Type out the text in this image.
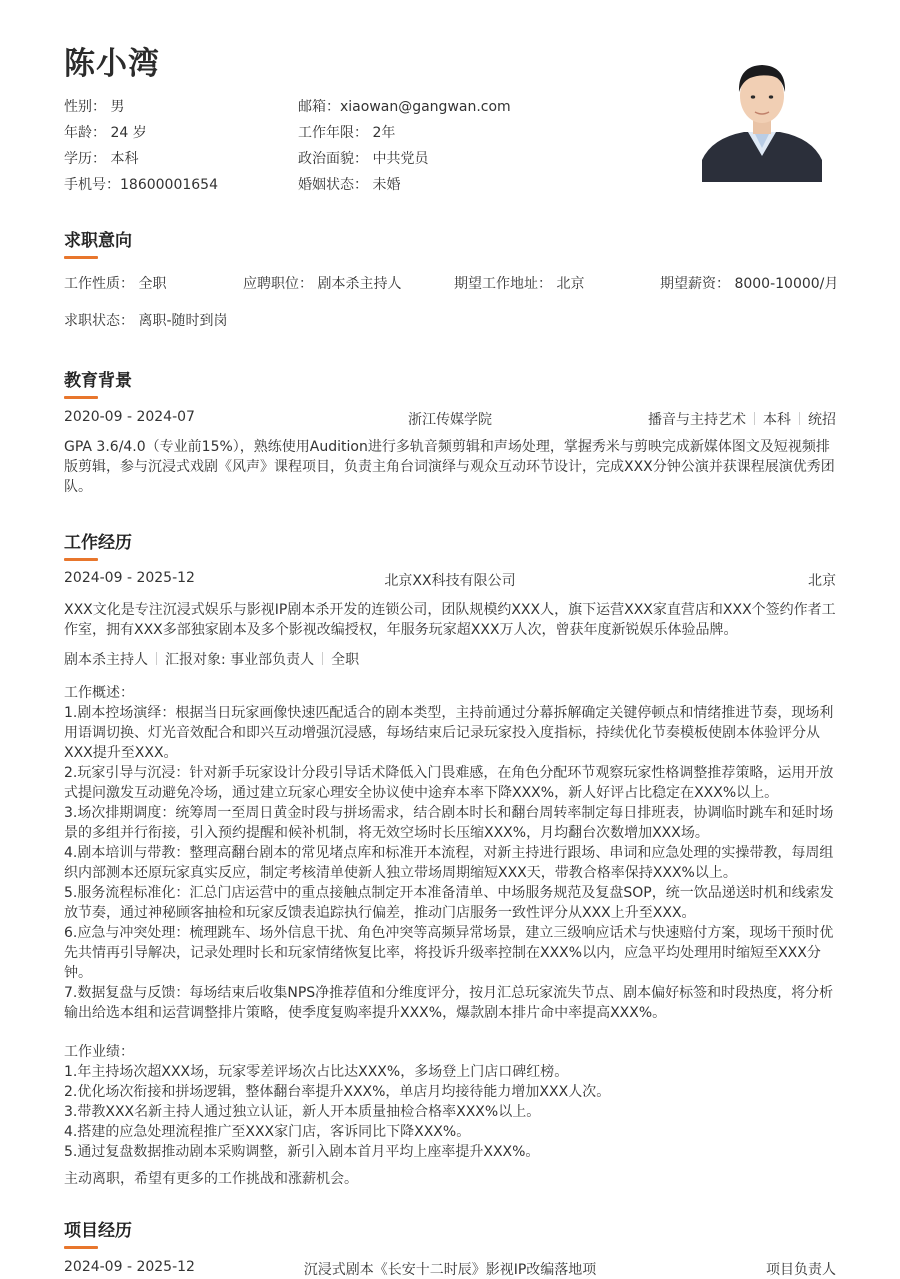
陈小湾
性别： 男
年龄： 24 岁
学历： 本科
手机号：18600001654
邮箱：xiaowan@gangwan.com
工作年限： 2年
政治面貌： 中共党员
婚姻状态： 未婚
求职意向
工作性质： 全职	应聘职位： 剧本杀主持人	期望工作地址： 北京	期望薪资： 8000-10000/月
求职状态： 离职-随时到岗
教育背景
2020-09 - 2024-07	浙江传媒学院	播音与主持艺术 本科 统招

GPA 3.6/4.0（专业前15%），熟练使用Audition进行多轨音频剪辑和声场处理，掌握秀米与剪映完成新媒体图文及短视频排

版剪辑，参与沉浸式戏剧《风声》课程项目，负责主角台词演绎与观众互动环节设计，完成XXX分钟公演并获课程展演优秀团

队。

工作经历
2024-09 - 2025-12	北京XX科技有限公司	北京

XXX文化是专注沉浸式娱乐与影视IP剧本杀开发的连锁公司，团队规模约XXX人，旗下运营XXX家直营店和XXX个签约作者工

作室，拥有XXX多部独家剧本及多个影视改编授权，年服务玩家超XXX万人次，曾获年度新锐娱乐体验品牌。

剧本杀主持人 汇报对象: 事业部负责人 全职

工作概述：

1.剧本控场演绎：根据当日玩家画像快速匹配适合的剧本类型，主持前通过分幕拆解确定关键停顿点和情绪推进节奏，现场利

用语调切换、灯光音效配合和即兴互动增强沉浸感，每场结束后记录玩家投入度指标，持续优化节奏模板使剧本体验评分从

XXX提升至XXX。

2.玩家引导与沉浸：针对新手玩家设计分段引导话术降低入门畏难感，在角色分配环节观察玩家性格调整推荐策略，运用开放

式提问激发互动避免冷场，通过建立玩家心理安全协议使中途弃本率下降XXX%，新人好评占比稳定在XXX%以上。

3.场次排期调度：统筹周一至周日黄金时段与拼场需求，结合剧本时长和翻台周转率制定每日排班表，协调临时跳车和延时场

景的多组并行衔接，引入预约提醒和候补机制，将无效空场时长压缩XXX%，月均翻台次数增加XXX场。

4.剧本培训与带教：整理高翻台剧本的常见堵点库和标准开本流程，对新主持进行跟场、串词和应急处理的实操带教，每周组

织内部测本还原玩家真实反应，制定考核清单使新人独立带场周期缩短XXX天，带教合格率保持XXX%以上。

5.服务流程标准化：汇总门店运营中的重点接触点制定开本准备清单、中场服务规范及复盘SOP，统一饮品递送时机和线索发

放节奏，通过神秘顾客抽检和玩家反馈表追踪执行偏差，推动门店服务一致性评分从XXX上升至XXX。

6.应急与冲突处理：梳理跳车、场外信息干扰、角色冲突等高频异常场景，建立三级响应话术与快速赔付方案，现场干预时优

先共情再引导解决，记录处理时长和玩家情绪恢复比率，将投诉升级率控制在XXX%以内，应急平均处理用时缩短至XXX分

钟。

7.数据复盘与反馈：每场结束后收集NPS净推荐值和分维度评分，按月汇总玩家流失节点、剧本偏好标签和时段热度，将分析

输出给选本组和运营调整排片策略，使季度复购率提升XXX%，爆款剧本排片命中率提高XXX%。

工作业绩：

1.年主持场次超XXX场，玩家零差评场次占比达XXX%，多场登上门店口碑红榜。

2.优化场次衔接和拼场逻辑，整体翻台率提升XXX%，单店月均接待能力增加XXX人次。

3.带教XXX名新主持人通过独立认证，新人开本质量抽检合格率XXX%以上。

4.搭建的应急处理流程推广至XXX家门店，客诉同比下降XXX%。

5.通过复盘数据推动剧本采购调整，新引入剧本首月平均上座率提升XXX%。

主动离职，希望有更多的工作挑战和涨薪机会。
项目经历
2024-09 - 2025-12	沉浸式剧本《长安十二时辰》影视IP改编落地项	项目负责人
